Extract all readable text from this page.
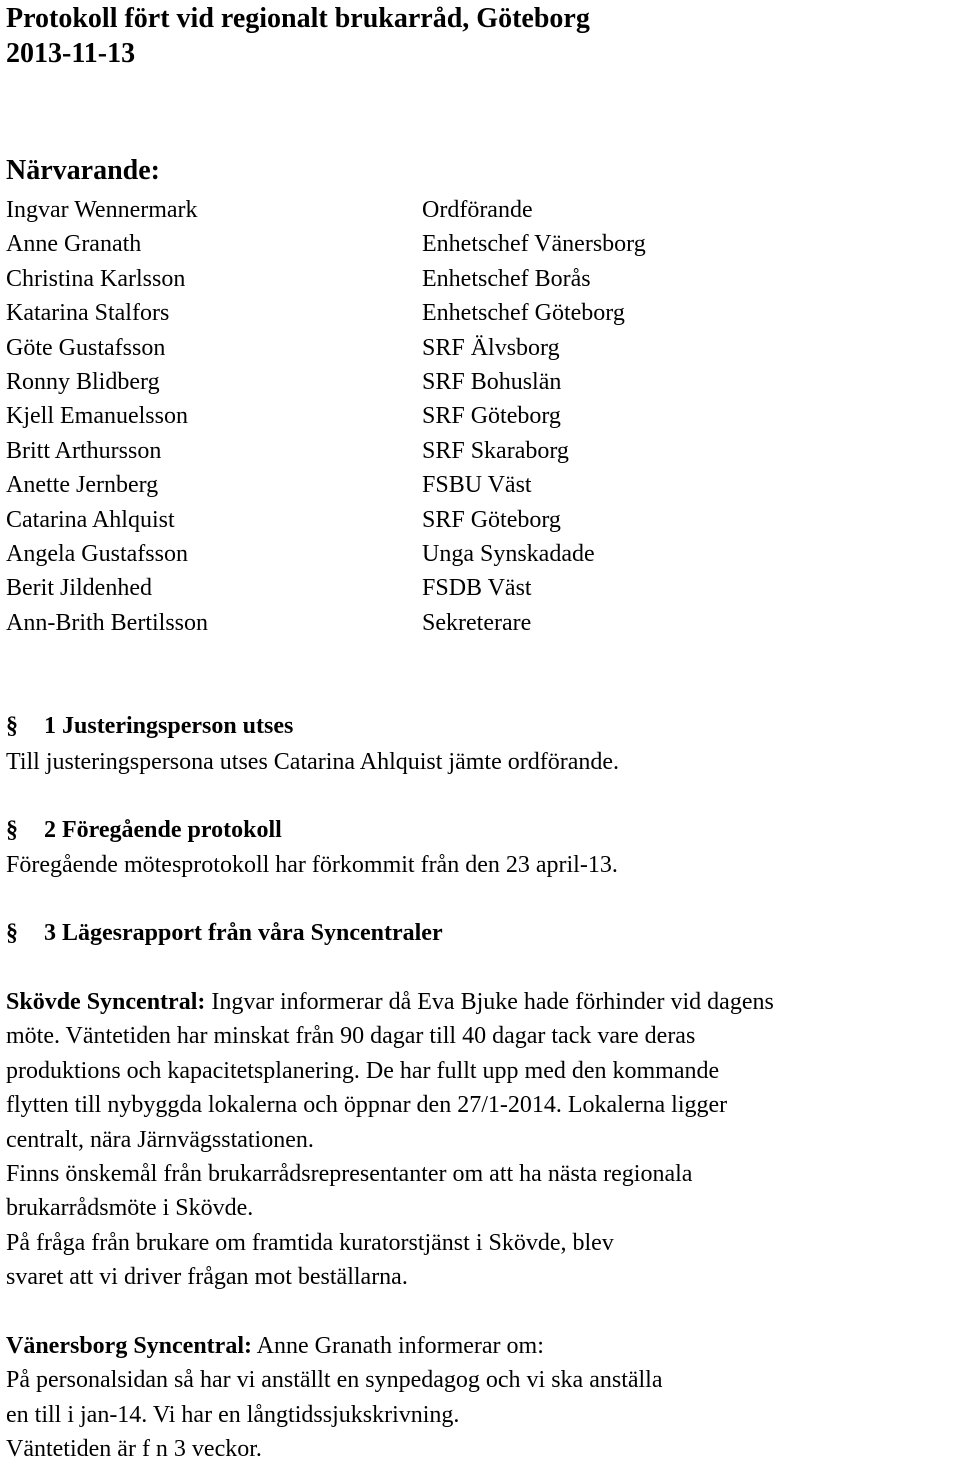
Protokoll fört vid regionalt brukarråd, Göteborg
2013-11-13
Närvarande:
Ingvar Wennermark	Ordförande
Anne Granath	Enhetschef Vänersborg
Christina Karlsson	Enhetschef Borås
Katarina Stalfors	Enhetschef Göteborg
Göte Gustafsson	SRF Älvsborg
Ronny Blidberg	SRF Bohuslän
Kjell Emanuelsson	SRF Göteborg
Britt Arthursson	SRF Skaraborg
Anette Jernberg	FSBU Väst
Catarina Ahlquist	SRF Göteborg
Angela Gustafsson	Unga Synskadade
Berit Jildenhed	FSDB Väst
Ann-Brith Bertilsson	Sekreterare
§ 1 Justeringsperson utses

Till justeringspersona utses Catarina Ahlquist jämte ordförande.

§ 2 Föregående protokoll

Föregående mötesprotokoll har förkommit från den 23 april-13.

§ 3 Lägesrapport från våra Syncentraler

Skövde Syncentral: Ingvar informerar då Eva Bjuke hade förhinder vid dagens

möte. Väntetiden har minskat från 90 dagar till 40 dagar tack vare deras

produktions och kapacitetsplanering. De har fullt upp med den kommande

flytten till nybyggda lokalerna och öppnar den 27/1-2014. Lokalerna ligger

centralt, nära Järnvägsstationen.

Finns önskemål från brukarrådsrepresentanter om att ha nästa regionala

brukarrådsmöte i Skövde.

På fråga från brukare om framtida kuratorstjänst i Skövde, blev

svaret att vi driver frågan mot beställarna.

Vänersborg Syncentral: Anne Granath informerar om:

På personalsidan så har vi anställt en synpedagog och vi ska anställa

en till i jan-14. Vi har en långtidssjukskrivning.

Väntetiden är f n 3 veckor.
